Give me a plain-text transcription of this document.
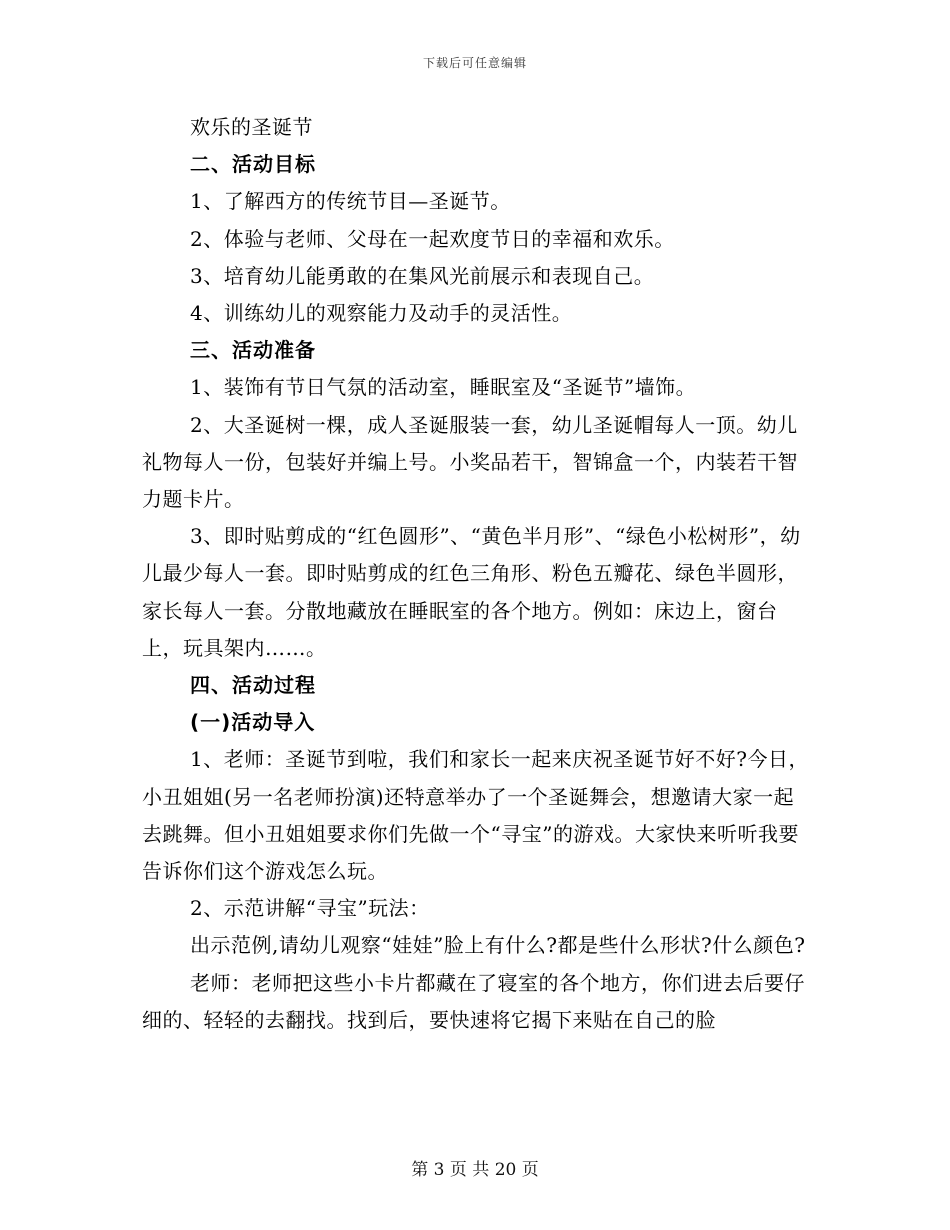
下载后可任意编辑

欢乐的圣诞节

二、活动目标

1、了解西方的传统节目—圣诞节。

2、体验与老师、父母在一起欢度节日的幸福和欢乐。

3、培育幼儿能勇敢的在集风光前展示和表现自己。

4、训练幼儿的观察能力及动手的灵活性。

三、活动准备

1、装饰有节日气氛的活动室，睡眠室及“圣诞节”墙饰。

2、大圣诞树一棵，成人圣诞服装一套，幼儿圣诞帽每人一顶。幼儿礼物每人一份，包装好并编上号。小奖品若干，智锦盒一个，内装若干智力题卡片。

3、即时贴剪成的“红色圆形”、“黄色半月形”、“绿色小松树形”，幼儿最少每人一套。即时贴剪成的红色三角形、粉色五瓣花、绿色半圆形，家长每人一套。分散地藏放在睡眠室的各个地方。例如：床边上，窗台上，玩具架内……。

四、活动过程

(一)活动导入

1、老师：圣诞节到啦，我们和家长一起来庆祝圣诞节好不好?今日，小丑姐姐(另一名老师扮演)还特意举办了一个圣诞舞会，想邀请大家一起去跳舞。但小丑姐姐要求你们先做一个“寻宝”的游戏。大家快来听听我要告诉你们这个游戏怎么玩。

2、示范讲解“寻宝”玩法：

出示范例,请幼儿观察“娃娃”脸上有什么?都是些什么形状?什么颜色?

老师：老师把这些小卡片都藏在了寝室的各个地方，你们进去后要仔细的、轻轻的去翻找。找到后，要快速将它揭下来贴在自己的脸

第 3 页 共 20 页
